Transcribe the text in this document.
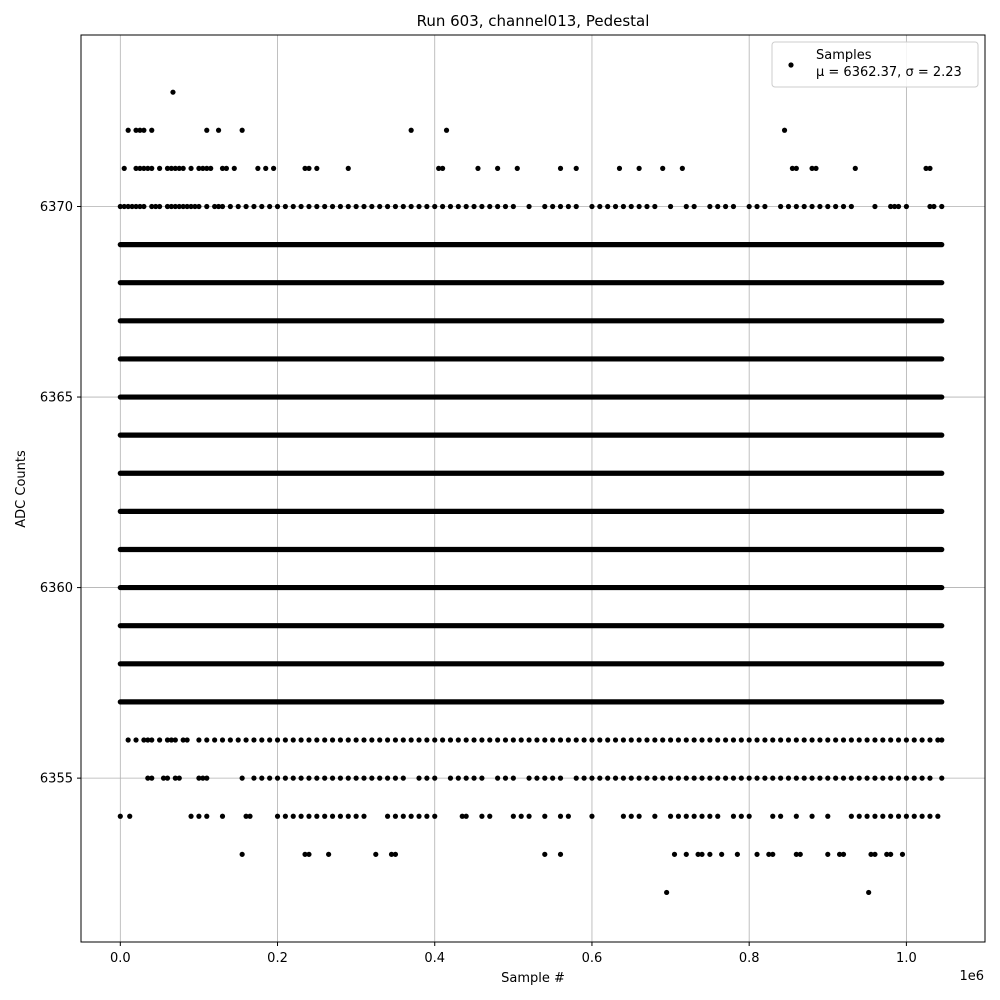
0.0	0.2	0.4	0.6	0.8	1.0
6355
6360
6365
6370
Run 603, channel013, Pedestal
Sample #
ADC Counts
1e6
Samples
μ = 6362.37, σ = 2.23
